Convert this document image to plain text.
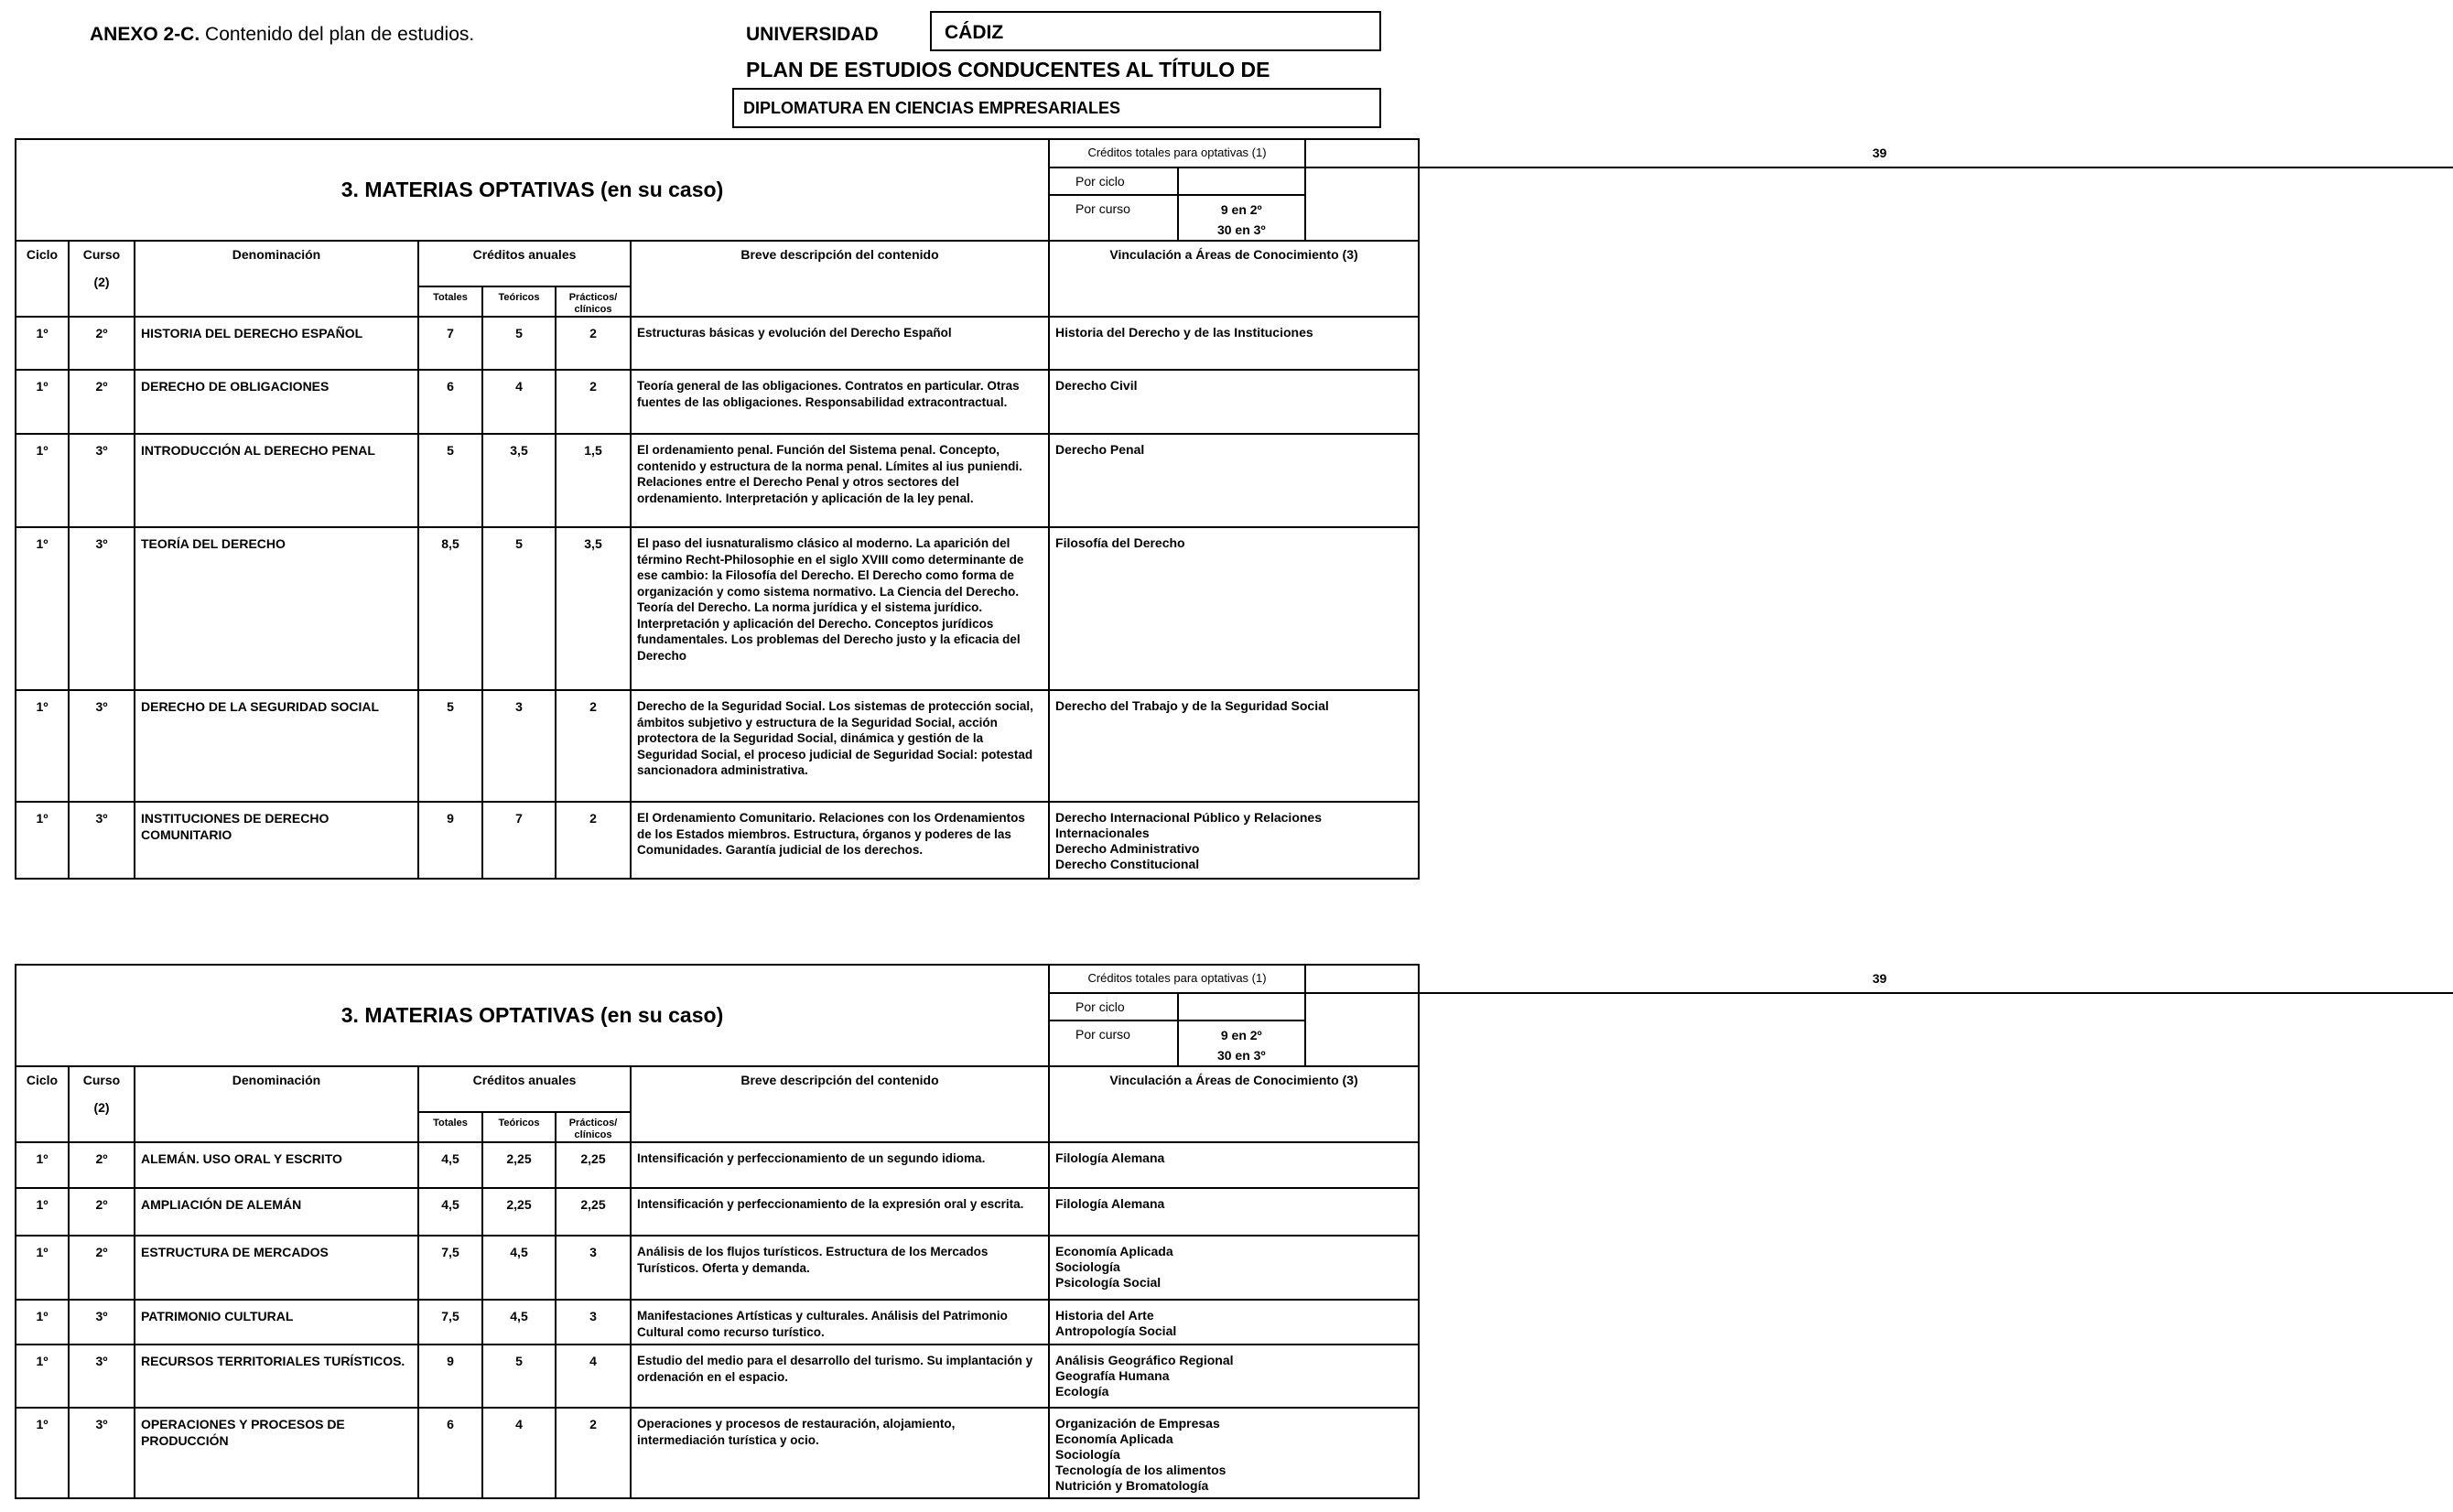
ANEXO 2-C. Contenido del plan de estudios.	UNIVERSIDAD	CÁDIZ
PLAN DE ESTUDIOS CONDUCENTES AL TÍTULO DE
DIPLOMATURA EN CIENCIAS EMPRESARIALES
3. MATERIAS OPTATIVAS (en su caso)	
Créditos totales para optativas (1)	39
Por ciclo		
Por curso	9 en 2º
30 en 3º

Ciclo	Curso
(2)
	Denominación	Créditos anuales	Breve descripción del contenido	Vinculación a Áreas de Conocimiento (3)
Totales	Teóricos	Prácticos/ clínicos
1º	2º	HISTORIA DEL DERECHO ESPAÑOL	7	5	2	Estructuras básicas y evolución del Derecho Español	Historia del Derecho y de las Instituciones
1º	2º	DERECHO DE OBLIGACIONES	6	4	2	Teoría general de las obligaciones. Contratos en particular. Otras fuentes de las obligaciones. Responsabilidad extracontractual.	Derecho Civil
1º	3º	INTRODUCCIÓN AL DERECHO PENAL	5	3,5	1,5	El ordenamiento penal. Función del Sistema penal. Concepto, contenido y estructura de la norma penal. Límites al ius puniendi. Relaciones entre el Derecho Penal y otros sectores del ordenamiento. Interpretación y aplicación de la ley penal.	Derecho Penal
1º	3º	TEORÍA DEL DERECHO	8,5	5	3,5	El paso del iusnaturalismo clásico al moderno. La aparición del término Recht-Philosophie en el siglo XVIII como determinante de ese cambio: la Filosofía del Derecho. El Derecho como forma de organización y como sistema normativo. La Ciencia del Derecho. Teoría del Derecho. La norma jurídica y el sistema jurídico. Interpretación y aplicación del Derecho. Conceptos jurídicos fundamentales. Los problemas del Derecho justo y la eficacia del Derecho	Filosofía del Derecho
1º	3º	DERECHO DE LA SEGURIDAD SOCIAL	5	3	2	Derecho de la Seguridad Social. Los sistemas de protección social, ámbitos subjetivo y estructura de la Seguridad Social, acción protectora de la Seguridad Social, dinámica y gestión de la Seguridad Social, el proceso judicial de Seguridad Social: potestad sancionadora administrativa.	Derecho del Trabajo y de la Seguridad Social
1º	3º	INSTITUCIONES DE DERECHO COMUNITARIO	9	7	2	El Ordenamiento Comunitario. Relaciones con los Ordenamientos de los Estados miembros. Estructura, órganos y poderes de las Comunidades. Garantía judicial de los derechos.	Derecho Internacional Público y Relaciones Internacionales
Derecho Administrativo
Derecho Constitucional
3. MATERIAS OPTATIVAS (en su caso)	
Créditos totales para optativas (1)	39
Por ciclo		
Por curso	9 en 2º
30 en 3º

Ciclo	Curso
(2)
	Denominación	Créditos anuales	Breve descripción del contenido	Vinculación a Áreas de Conocimiento (3)
Totales	Teóricos	Prácticos/ clínicos
1º	2º	ALEMÁN. USO ORAL Y ESCRITO	4,5	2,25	2,25	Intensificación y perfeccionamiento de un segundo idioma.	Filología Alemana
1º	2º	AMPLIACIÓN DE ALEMÁN	4,5	2,25	2,25	Intensificación y perfeccionamiento de la expresión oral y escrita.	Filología Alemana
1º	2º	ESTRUCTURA DE MERCADOS	7,5	4,5	3	Análisis de los flujos turísticos. Estructura de los Mercados Turísticos. Oferta y demanda.	Economía Aplicada
Sociología
Psicología Social
1º	3º	PATRIMONIO CULTURAL	7,5	4,5	3	Manifestaciones Artísticas y culturales. Análisis del Patrimonio Cultural como recurso turístico.	Historia del Arte
Antropología Social
1º	3º	RECURSOS TERRITORIALES TURÍSTICOS.	9	5	4	Estudio del medio para el desarrollo del turismo. Su implantación y ordenación en el espacio.	Análisis Geográfico Regional
Geografía Humana
Ecología
1º	3º	OPERACIONES Y PROCESOS DE PRODUCCIÓN	6	4	2	Operaciones y procesos de restauración, alojamiento, intermediación turística y ocio.	Organización de Empresas
Economía Aplicada
Sociología
Tecnología de los alimentos
Nutrición y Bromatología
